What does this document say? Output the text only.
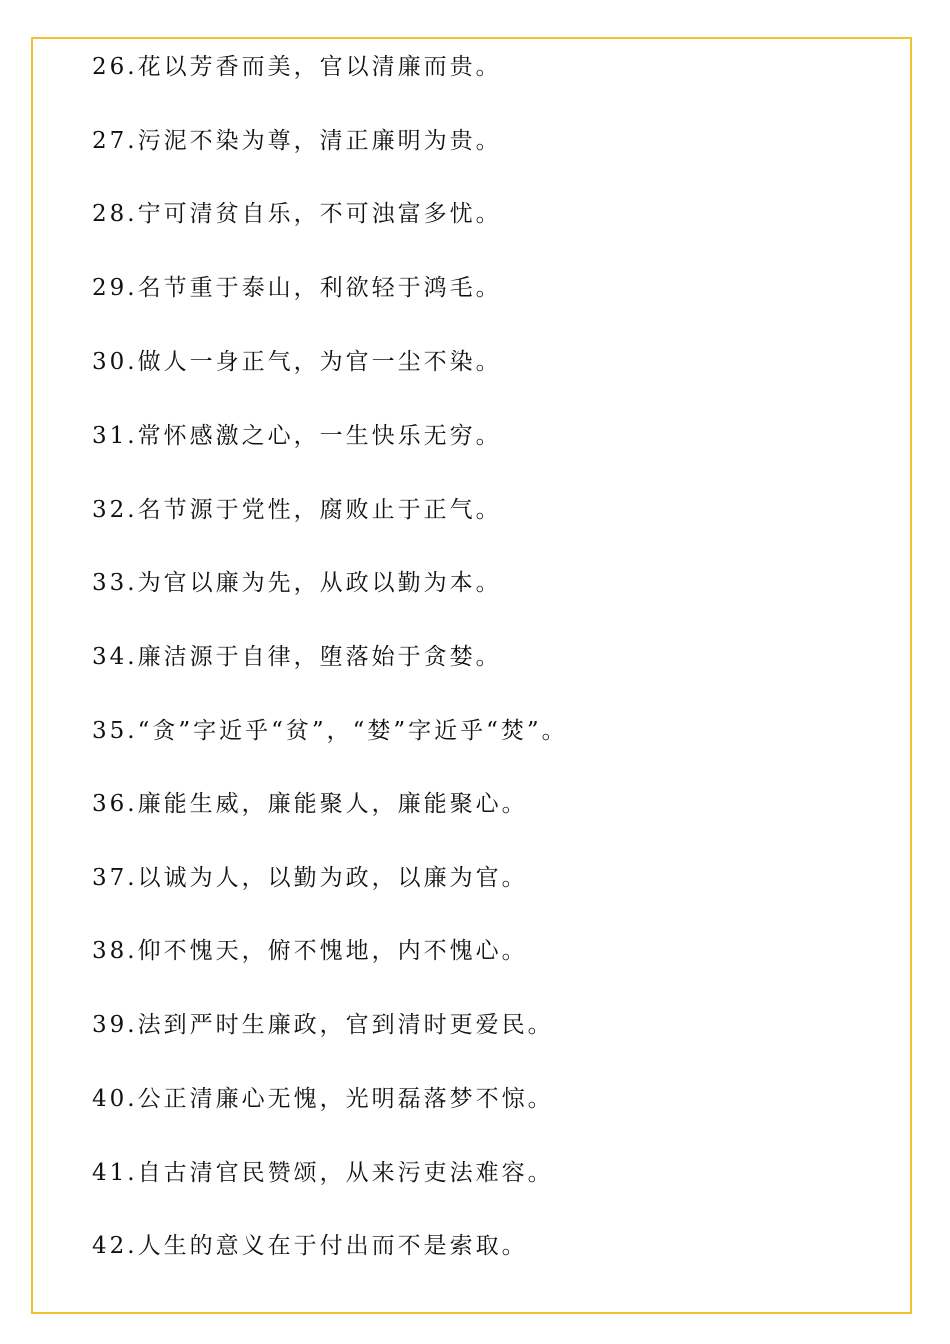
26.花以芳香而美，官以清廉而贵。
27.污泥不染为尊，清正廉明为贵。
28.宁可清贫自乐，不可浊富多忧。
29.名节重于泰山，利欲轻于鸿毛。
30.做人一身正气，为官一尘不染。
31.常怀感激之心，一生快乐无穷。
32.名节源于党性，腐败止于正气。
33.为官以廉为先，从政以勤为本。
34.廉洁源于自律，堕落始于贪婪。
35.“贪”字近乎“贫”，“婪”字近乎“焚”。
36.廉能生威，廉能聚人，廉能聚心。
37.以诚为人，以勤为政，以廉为官。
38.仰不愧天，俯不愧地，内不愧心。
39.法到严时生廉政，官到清时更爱民。
40.公正清廉心无愧，光明磊落梦不惊。
41.自古清官民赞颂，从来污吏法难容。
42.人生的意义在于付出而不是索取。
